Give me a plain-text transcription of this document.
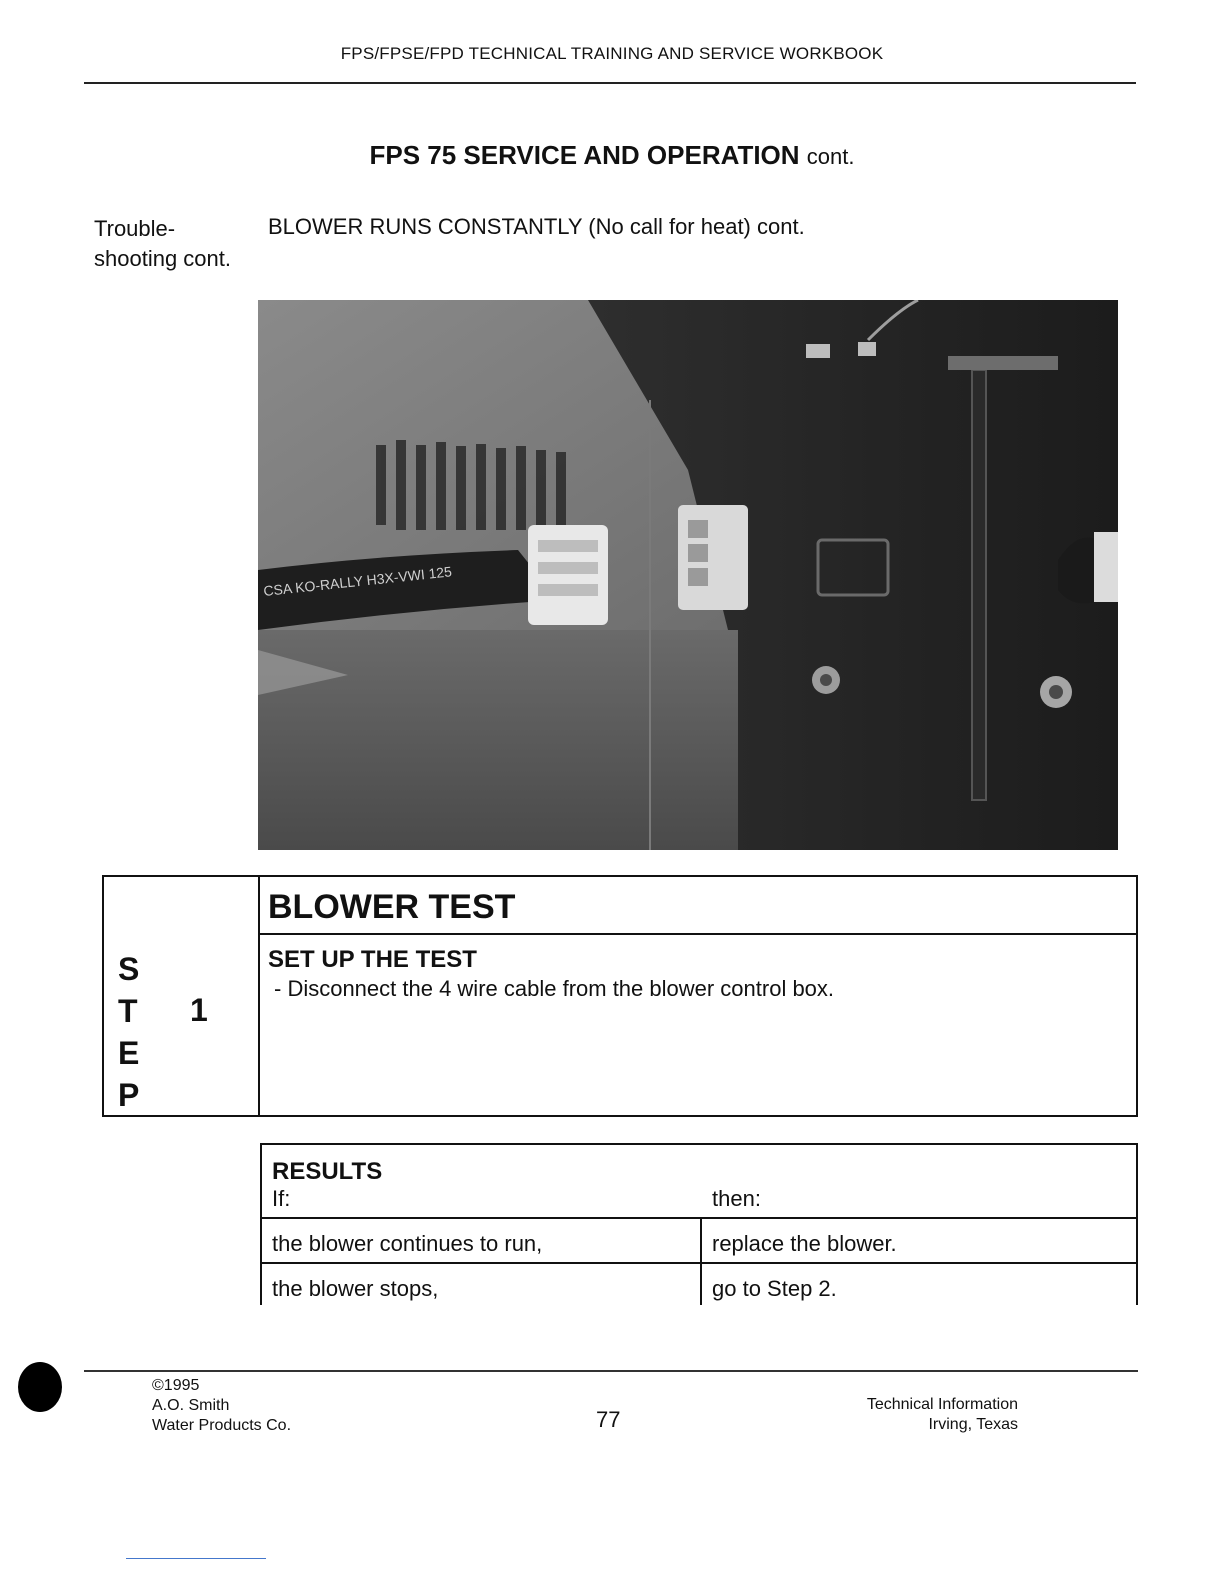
FPS/FPSE/FPD TECHNICAL TRAINING AND SERVICE WORKBOOK
FPS 75 SERVICE AND OPERATION cont.
Trouble-
shooting cont.
BLOWER RUNS CONSTANTLY (No call for heat) cont.
CSA KO-RALLY H3X-VWI 125
S
T
E
P
1
BLOWER TEST
SET UP THE TEST
- Disconnect the 4 wire cable from the blower control box.
RESULTS
If:	then:
the blower continues to run,	replace the blower.
the blower stops,	go to Step 2.
©1995
A.O. Smith
Water Products Co.	77
Technical Information
Irving, Texas
